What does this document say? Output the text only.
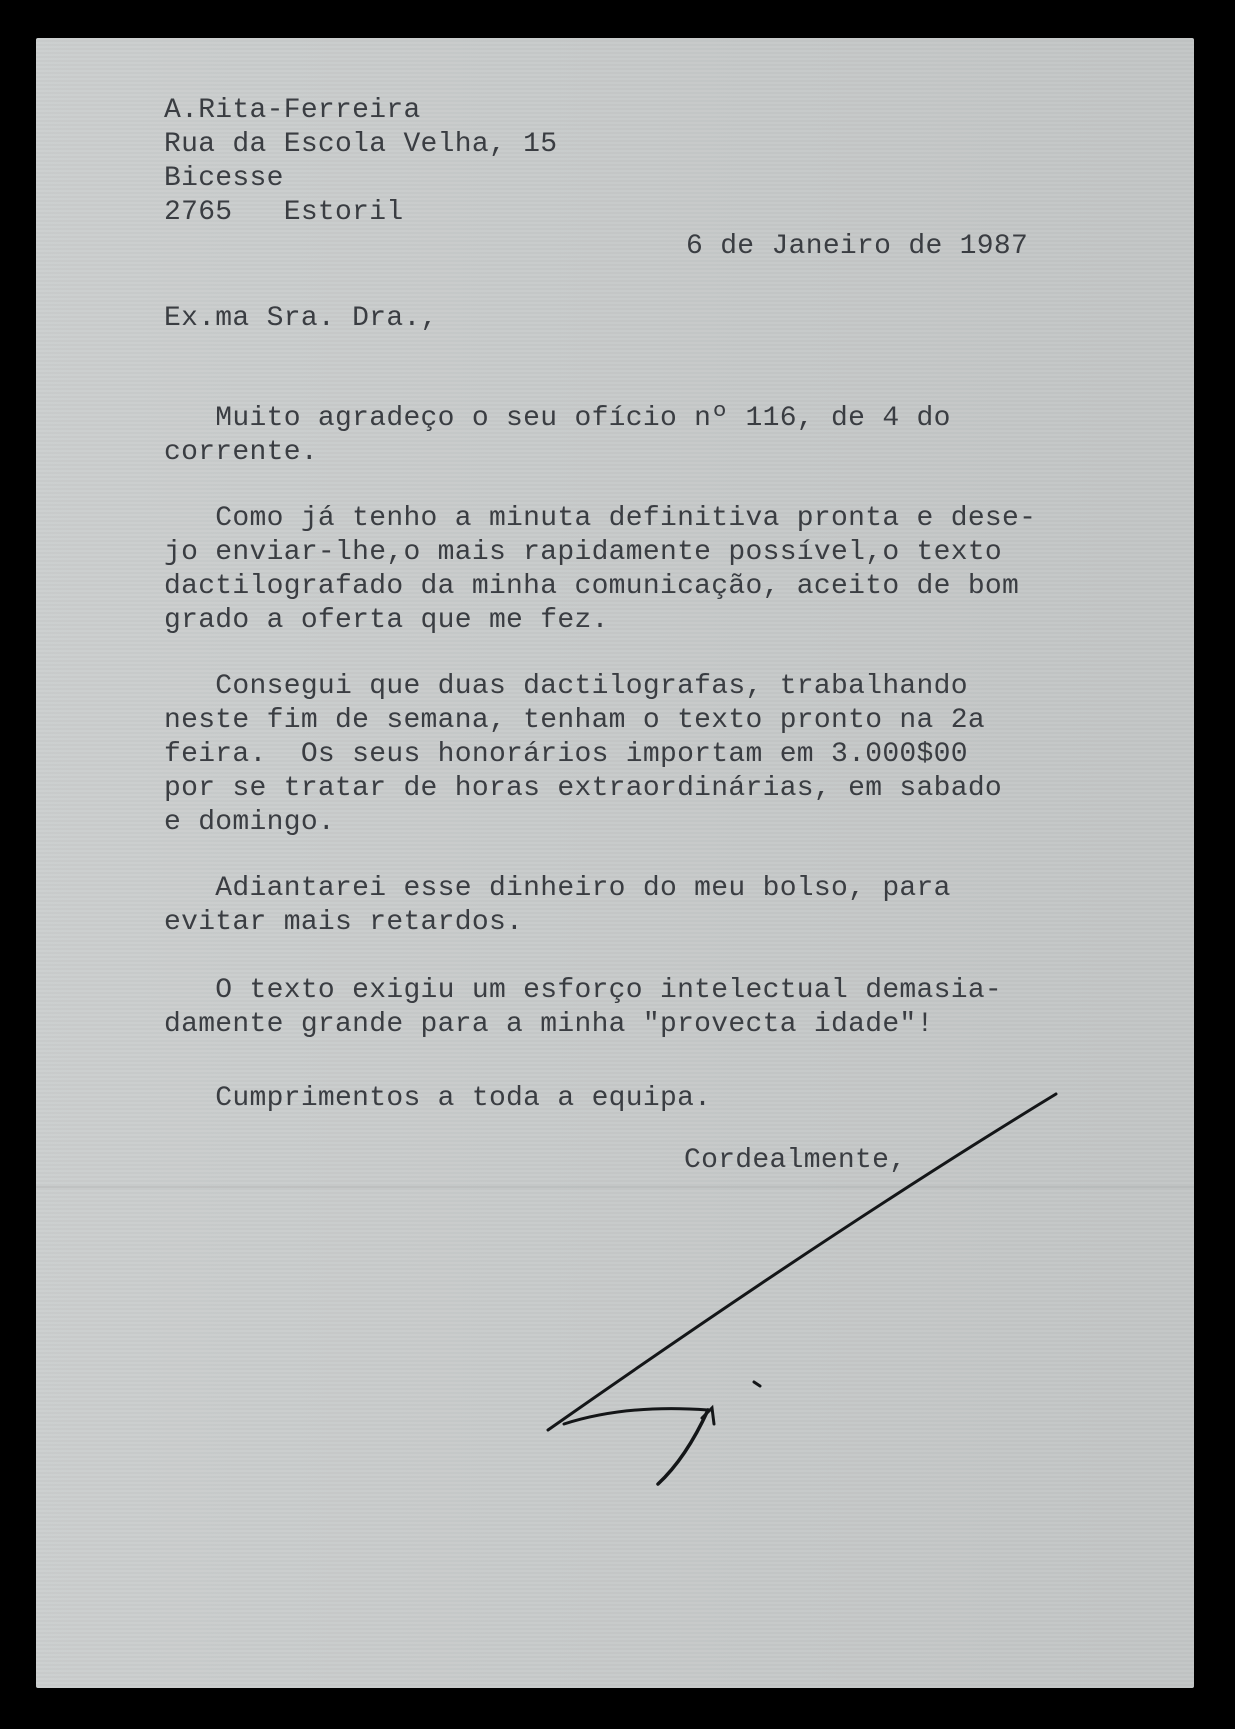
A.Rita-Ferreira
Rua da Escola Velha, 15
Bicesse
2765   Estoril
6 de Janeiro de 1987
Ex.ma Sra. Dra.,
Muito agradeço o seu ofício nº 116, de 4 do
corrente.
Como já tenho a minuta definitiva pronta e dese-
jo enviar-lhe,o mais rapidamente possível,o texto
dactilografado da minha comunicação, aceito de bom
grado a oferta que me fez.
Consegui que duas dactilografas, trabalhando
neste fim de semana, tenham o texto pronto na 2a
feira.  Os seus honorários importam em 3.000$00
por se tratar de horas extraordinárias, em sabado
e domingo.
Adiantarei esse dinheiro do meu bolso, para
evitar mais retardos.
O texto exigiu um esforço intelectual demasia-
damente grande para a minha "provecta idade"!
Cumprimentos a toda a equipa.
Cordealmente,
